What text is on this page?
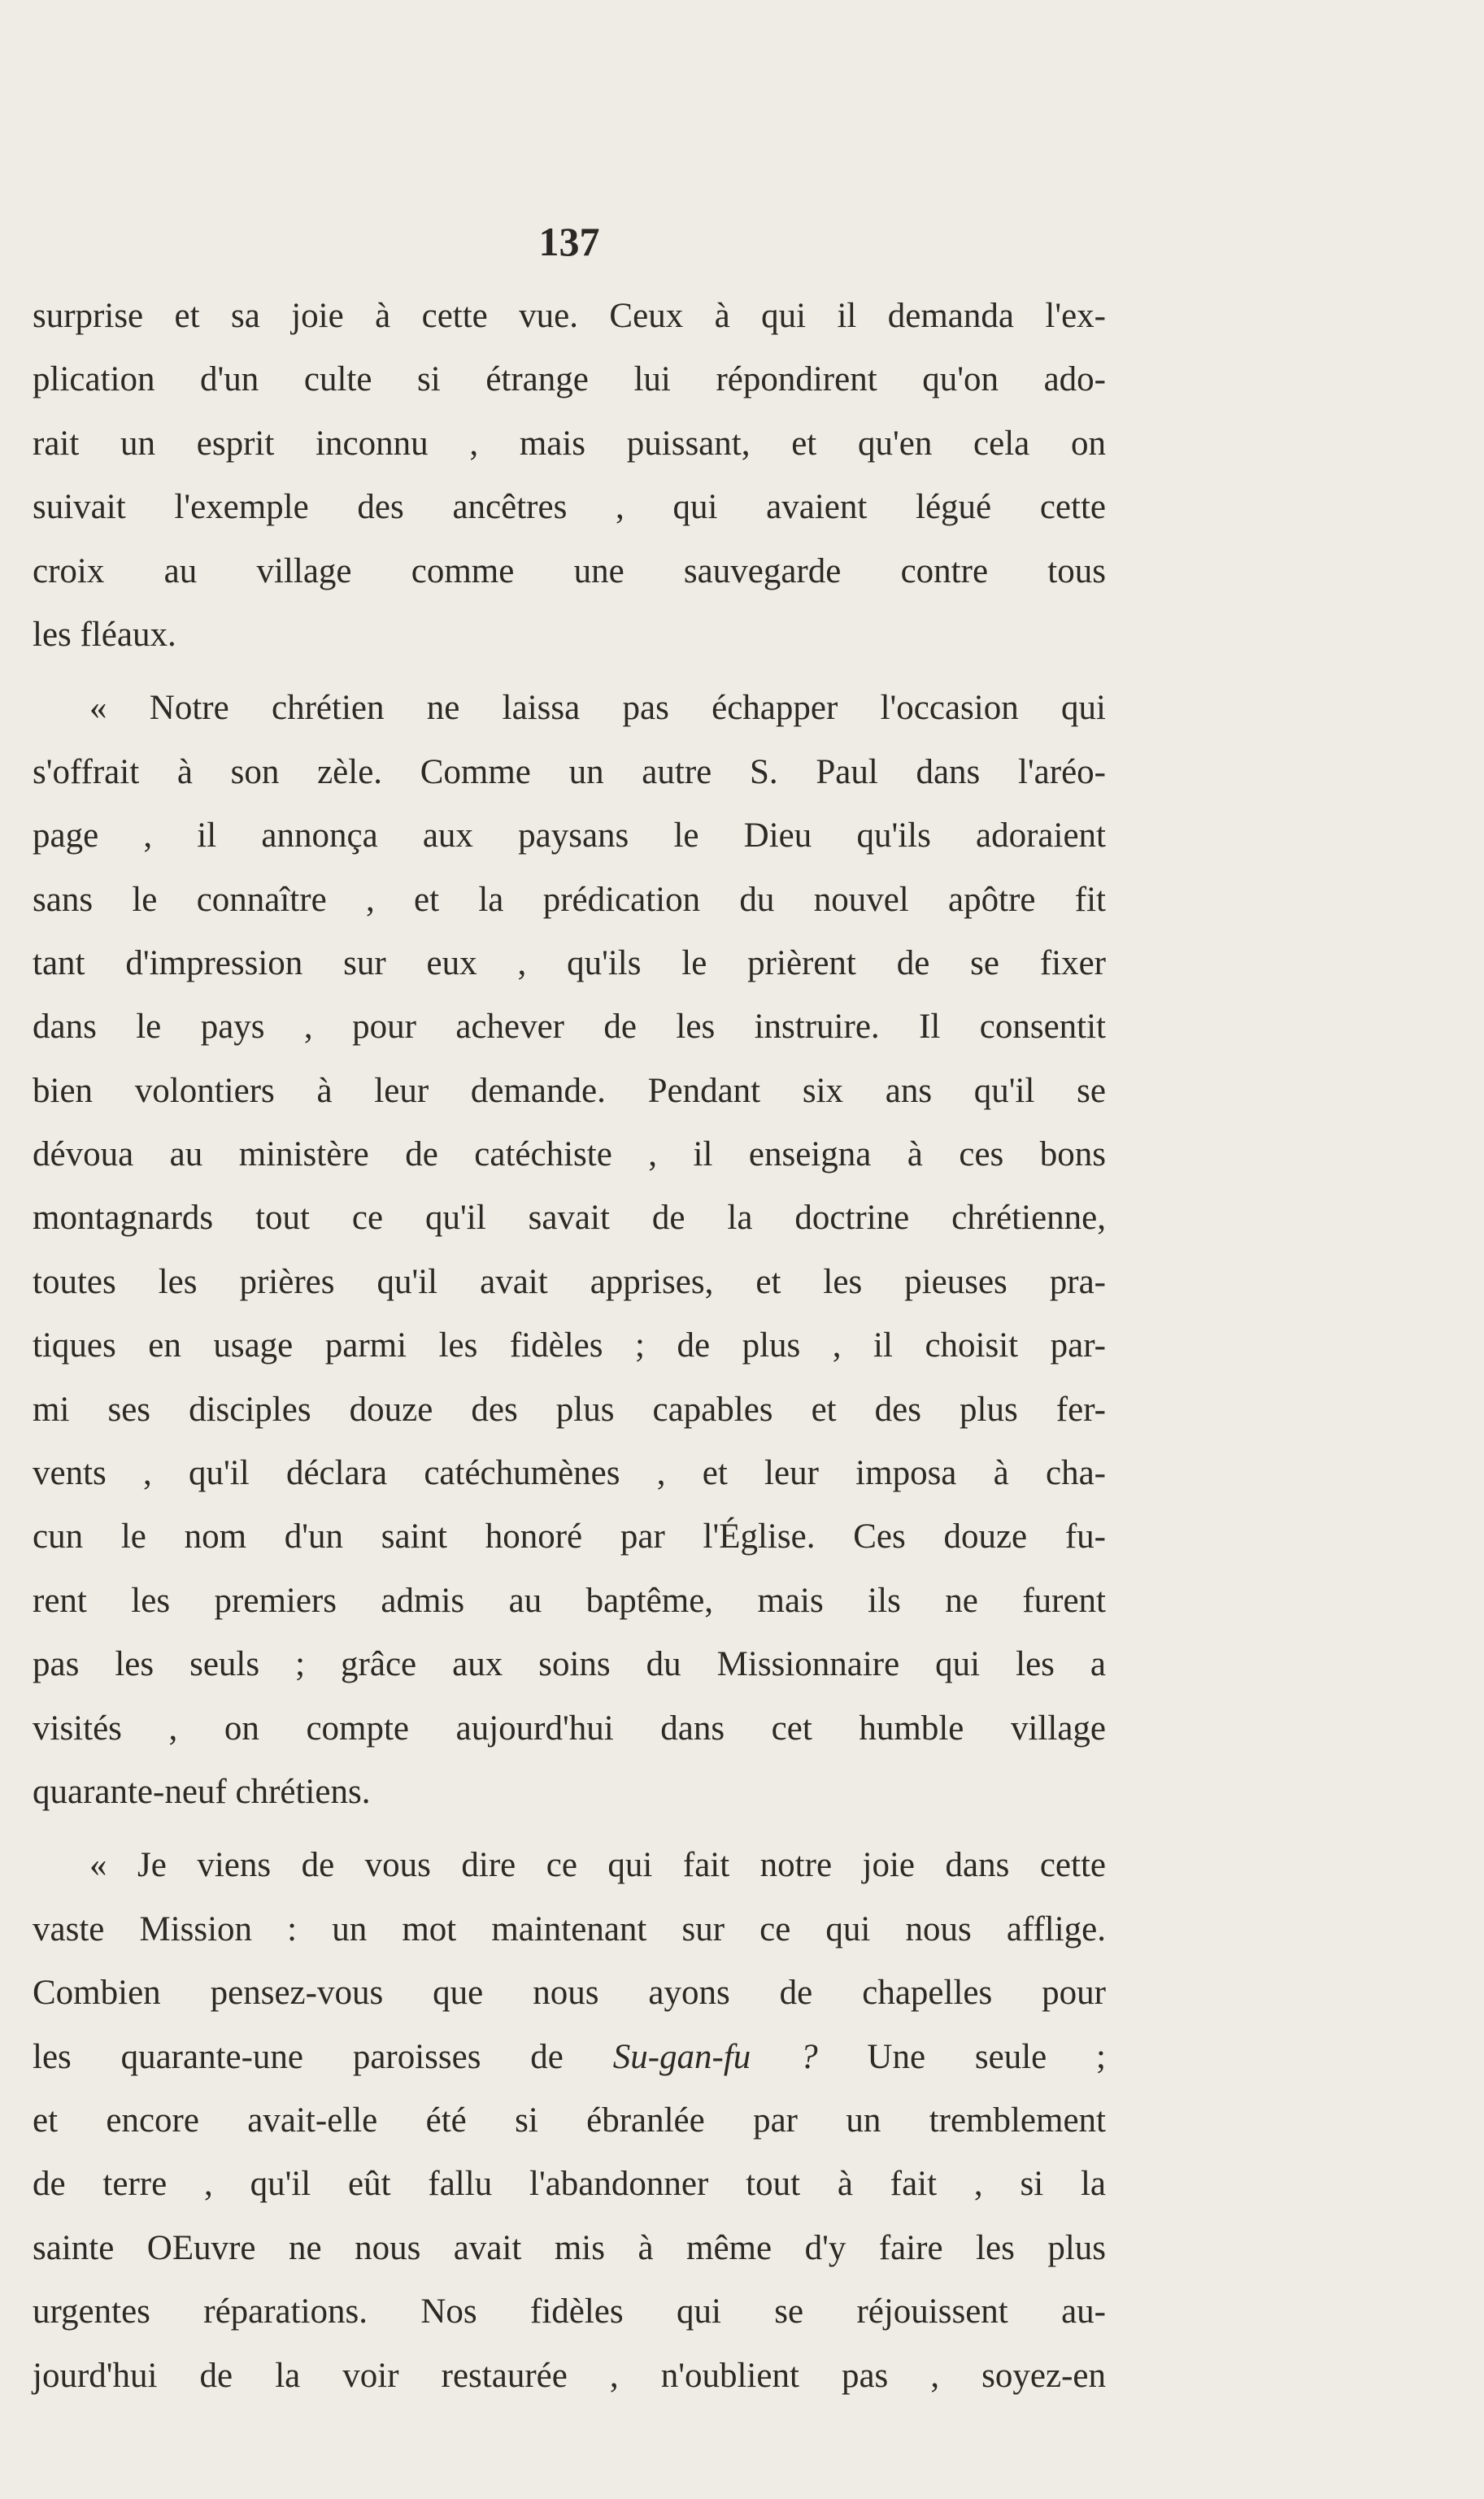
137

surprise et sa joie à cette vue. Ceux à qui il demanda l'ex-
plication d'un culte si étrange lui répondirent qu'on ado-
rait un esprit inconnu , mais puissant, et qu'en cela on
suivait l'exemple des ancêtres , qui avaient légué cette
croix au village comme une sauvegarde contre tous
les fléaux.
« Notre chrétien ne laissa pas échapper l'occasion qui
s'offrait à son zèle. Comme un autre S. Paul dans l'aréo-
page , il annonça aux paysans le Dieu qu'ils adoraient
sans le connaître , et la prédication du nouvel apôtre fit
tant d'impression sur eux , qu'ils le prièrent de se fixer
dans le pays , pour achever de les instruire. Il consentit
bien volontiers à leur demande. Pendant six ans qu'il se
dévoua au ministère de catéchiste , il enseigna à ces bons
montagnards tout ce qu'il savait de la doctrine chrétienne,
toutes les prières qu'il avait apprises, et les pieuses pra-
tiques en usage parmi les fidèles ; de plus , il choisit par-
mi ses disciples douze des plus capables et des plus fer-
vents , qu'il déclara catéchumènes , et leur imposa à cha-
cun le nom d'un saint honoré par l'Église. Ces douze fu-
rent les premiers admis au baptême, mais ils ne furent
pas les seuls ; grâce aux soins du Missionnaire qui les a
visités , on compte aujourd'hui dans cet humble village
quarante-neuf chrétiens.
« Je viens de vous dire ce qui fait notre joie dans cette
vaste Mission : un mot maintenant sur ce qui nous afflige.
Combien pensez-vous que nous ayons de chapelles pour
les quarante-une paroisses de Su-gan-fu ? Une seule ;
et encore avait-elle été si ébranlée par un tremblement
de terre , qu'il eût fallu l'abandonner tout à fait , si la
sainte OEuvre ne nous avait mis à même d'y faire les plus
urgentes réparations. Nos fidèles qui se réjouissent au-
jourd'hui de la voir restaurée , n'oublient pas , soyez-en
